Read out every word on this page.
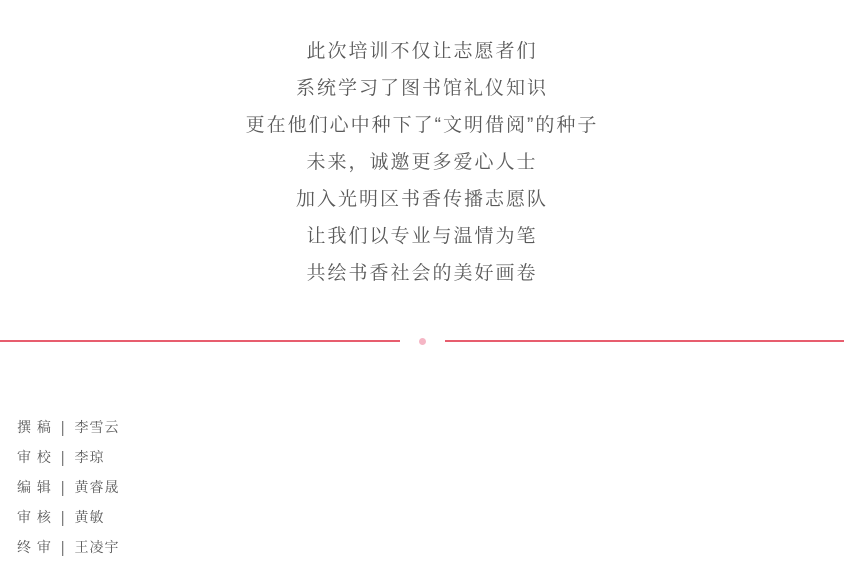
此次培训不仅让志愿者们

系统学习了图书馆礼仪知识

更在他们心中种下了“文明借阅”的种子

未来，诚邀更多爱心人士

加入光明区书香传播志愿队

让我们以专业与温情为笔

共绘书香社会的美好画卷

撰 稿 | 李雪云
审 校 | 李琼
编 辑 | 黄睿晟
审 核 | 黄敏
终 审 | 王凌宇
